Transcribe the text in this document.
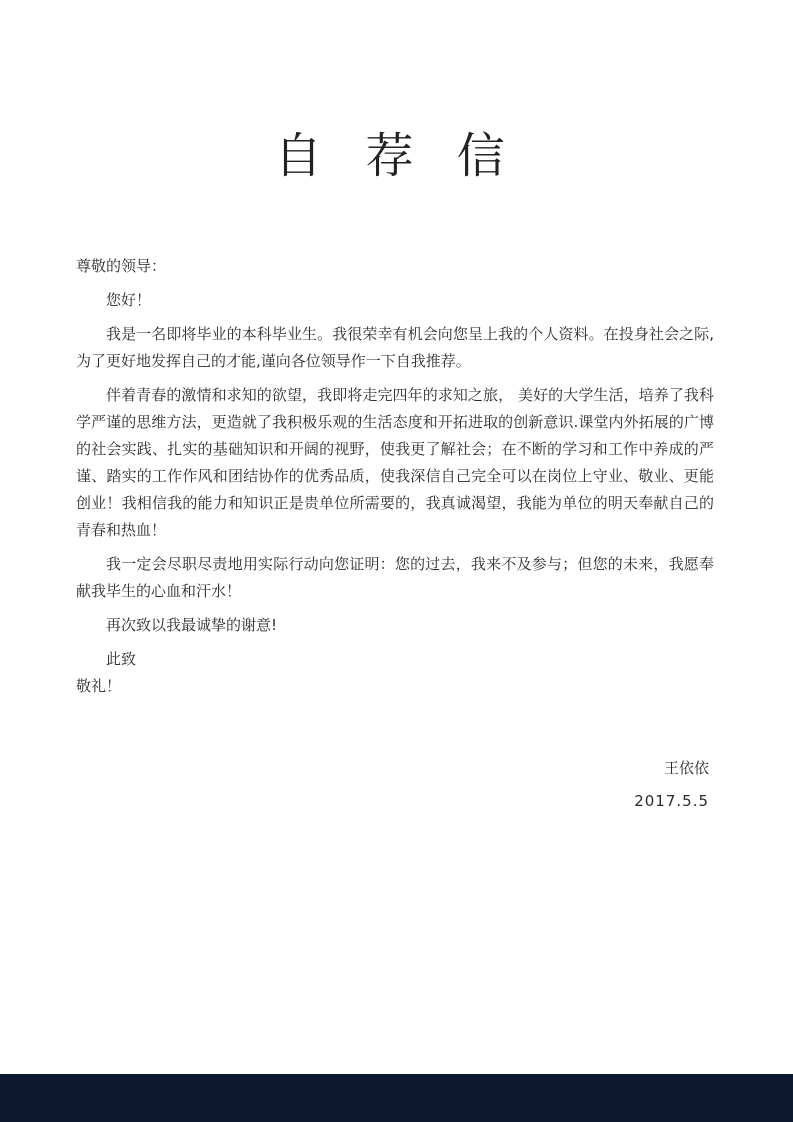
自 荐 信

尊敬的领导：

您好！

我是一名即将毕业的本科毕业生。我很荣幸有机会向您呈上我的个人资料。在投身社会之际,为了更好地发挥自己的才能,谨向各位领导作一下自我推荐。

伴着青春的激情和求知的欲望，我即将走完四年的求知之旅， 美好的大学生活，培养了我科学严谨的思维方法，更造就了我积极乐观的生活态度和开拓进取的创新意识.课堂内外拓展的广博的社会实践、扎实的基础知识和开阔的视野，使我更了解社会；在不断的学习和工作中养成的严谨、踏实的工作作风和团结协作的优秀品质，使我深信自己完全可以在岗位上守业、敬业、更能创业！我相信我的能力和知识正是贵单位所需要的，我真诚渴望，我能为单位的明天奉献自己的青春和热血！

我一定会尽职尽责地用实际行动向您证明：您的过去，我来不及参与；但您的未来，我愿奉献我毕生的心血和汗水！

再次致以我最诚挚的谢意!

此致

敬礼！

王依依
2017.5.5
